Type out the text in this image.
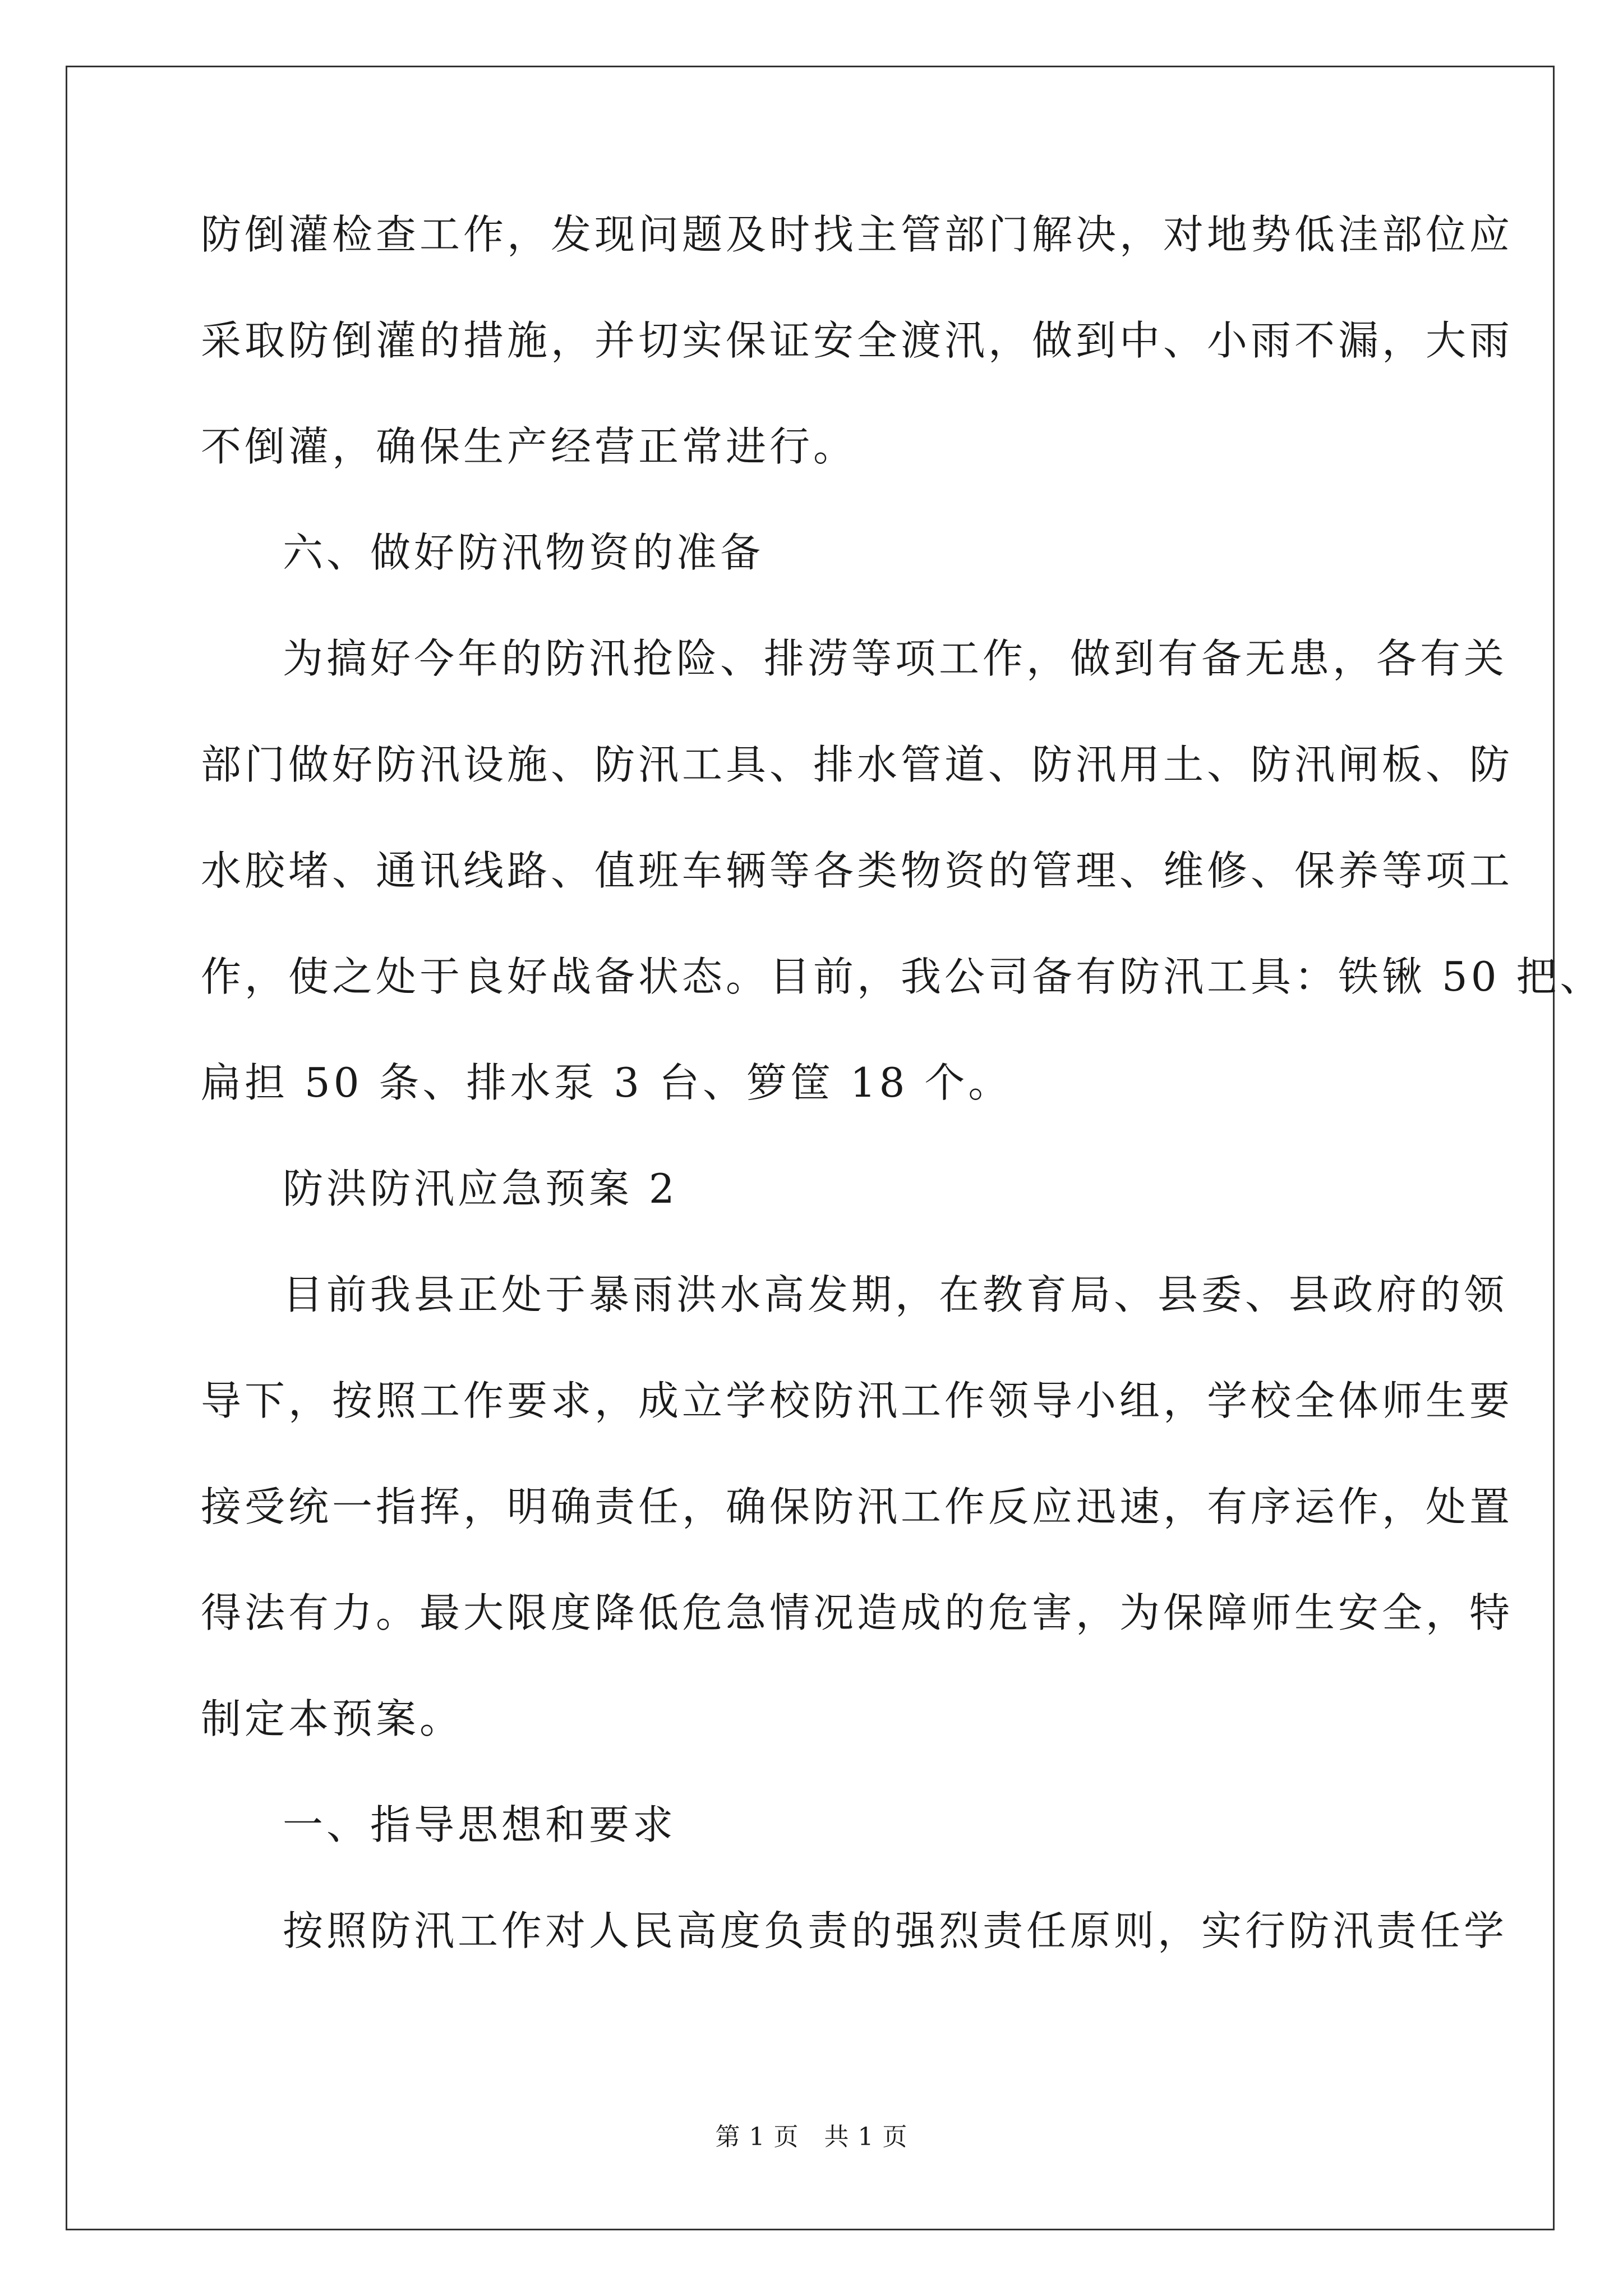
防倒灌检查工作，发现问题及时找主管部门解决，对地势低洼部位应
采取防倒灌的措施，并切实保证安全渡汛，做到中、小雨不漏，大雨
不倒灌，确保生产经营正常进行。
六、做好防汛物资的准备
为搞好今年的防汛抢险、排涝等项工作，做到有备无患，各有关
部门做好防汛设施、防汛工具、排水管道、防汛用土、防汛闸板、防
水胶堵、通讯线路、值班车辆等各类物资的管理、维修、保养等项工
作，使之处于良好战备状态。目前，我公司备有防汛工具：铁锹 50 把、
扁担 50 条、排水泵 3 台、箩筐 18 个。
防洪防汛应急预案 2
目前我县正处于暴雨洪水高发期，在教育局、县委、县政府的领
导下，按照工作要求，成立学校防汛工作领导小组，学校全体师生要
接受统一指挥，明确责任，确保防汛工作反应迅速，有序运作，处置
得法有力。最大限度降低危急情况造成的危害，为保障师生安全，特
制定本预案。
一、指导思想和要求
按照防汛工作对人民高度负责的强烈责任原则，实行防汛责任学
第 1 页   共 1 页
